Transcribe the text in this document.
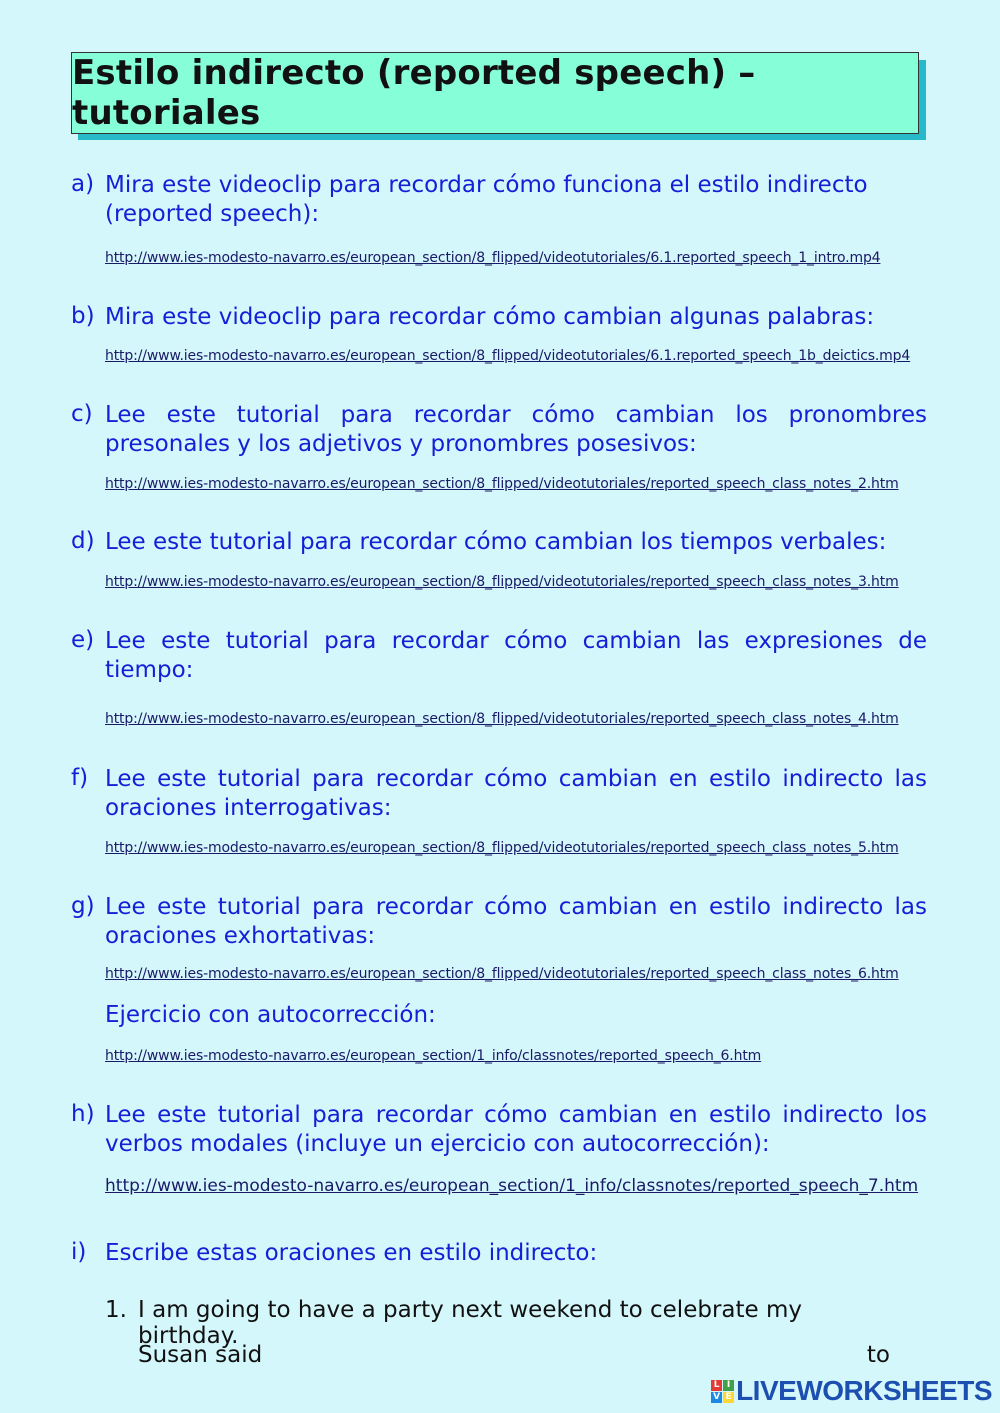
Estilo indirecto (reported speech) – tutoriales
a) Mira este videoclip para recordar cómo funciona el estilo indirecto (reported speech):
http://www.ies-modesto-navarro.es/european_section/8_flipped/videotutoriales/6.1.reported_speech_1_intro.mp4
b) Mira este videoclip para recordar cómo cambian algunas palabras:
http://www.ies-modesto-navarro.es/european_section/8_flipped/videotutoriales/6.1.reported_speech_1b_deictics.mp4
c) Lee este tutorial para recordar cómo cambian los pronombres presonales y los adjetivos y pronombres posesivos:
http://www.ies-modesto-navarro.es/european_section/8_flipped/videotutoriales/reported_speech_class_notes_2.htm
d) Lee este tutorial para recordar cómo cambian los tiempos verbales:
http://www.ies-modesto-navarro.es/european_section/8_flipped/videotutoriales/reported_speech_class_notes_3.htm
e) Lee este tutorial para recordar cómo cambian las expresiones de tiempo:
http://www.ies-modesto-navarro.es/european_section/8_flipped/videotutoriales/reported_speech_class_notes_4.htm
f) Lee este tutorial para recordar cómo cambian en estilo indirecto las oraciones interrogativas:
http://www.ies-modesto-navarro.es/european_section/8_flipped/videotutoriales/reported_speech_class_notes_5.htm
g) Lee este tutorial para recordar cómo cambian en estilo indirecto las oraciones exhortativas:
http://www.ies-modesto-navarro.es/european_section/8_flipped/videotutoriales/reported_speech_class_notes_6.htm
Ejercicio con autocorrección:
http://www.ies-modesto-navarro.es/european_section/1_info/classnotes/reported_speech_6.htm
h) Lee este tutorial para recordar cómo cambian en estilo indirecto los verbos modales (incluye un ejercicio con autocorrección):
http://www.ies-modesto-navarro.es/european_section/1_info/classnotes/reported_speech_7.htm
i) Escribe estas oraciones en estilo indirecto:
1. I am going to have a party next weekend to celebrate my birthday.
Susan said	to
L I
V E LIVEWORKSHEETS
